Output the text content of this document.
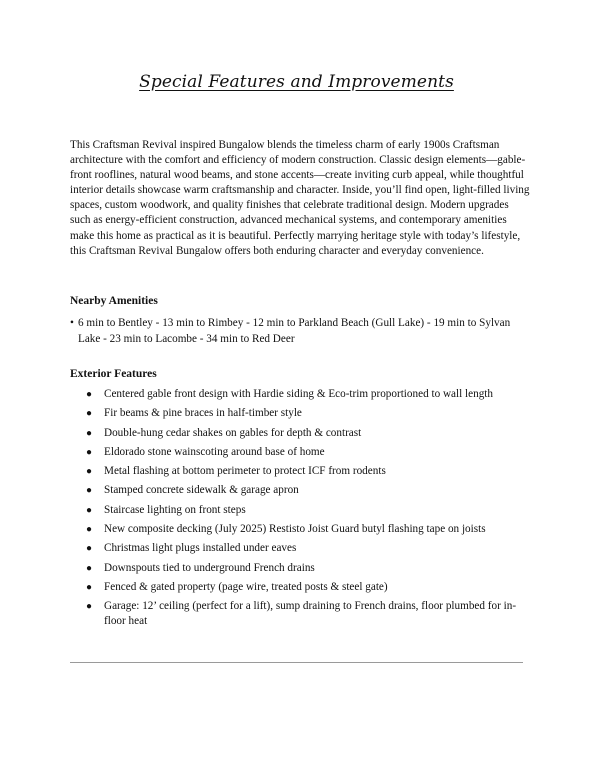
Special Features and Improvements

This Craftsman Revival inspired Bungalow blends the timeless charm of early 1900s Craftsman architecture with the comfort and efficiency of modern construction. Classic design elements—gable-front rooflines, natural wood beams, and stone accents—create inviting curb appeal, while thoughtful interior details showcase warm craftsmanship and character. Inside, you’ll find open, light-filled living spaces, custom woodwork, and quality finishes that celebrate traditional design. Modern upgrades such as energy-efficient construction, advanced mechanical systems, and contemporary amenities make this home as practical as it is beautiful. Perfectly marrying heritage style with today’s lifestyle, this Craftsman Revival Bungalow offers both enduring character and everyday convenience.

Nearby Amenities
• 6 min to Bentley - 13 min to Rimbey - 12 min to Parkland Beach (Gull Lake) - 19 min to Sylvan Lake - 23 min to Lacombe - 34 min to Red Deer
Exterior Features
●	Centered gable front design with Hardie siding & Eco-trim proportioned to wall length
●	Fir beams & pine braces in half-timber style
●	Double-hung cedar shakes on gables for depth & contrast
●	Eldorado stone wainscoting around base of home
●	Metal flashing at bottom perimeter to protect ICF from rodents
●	Stamped concrete sidewalk & garage apron
●	Staircase lighting on front steps
●	New composite decking (July 2025) Restisto Joist Guard butyl flashing tape on joists
●	Christmas light plugs installed under eaves
●	Downspouts tied to underground French drains
●	Fenced & gated property (page wire, treated posts & steel gate)
●	Garage: 12’ ceiling (perfect for a lift), sump draining to French drains, floor plumbed for in-floor heat
